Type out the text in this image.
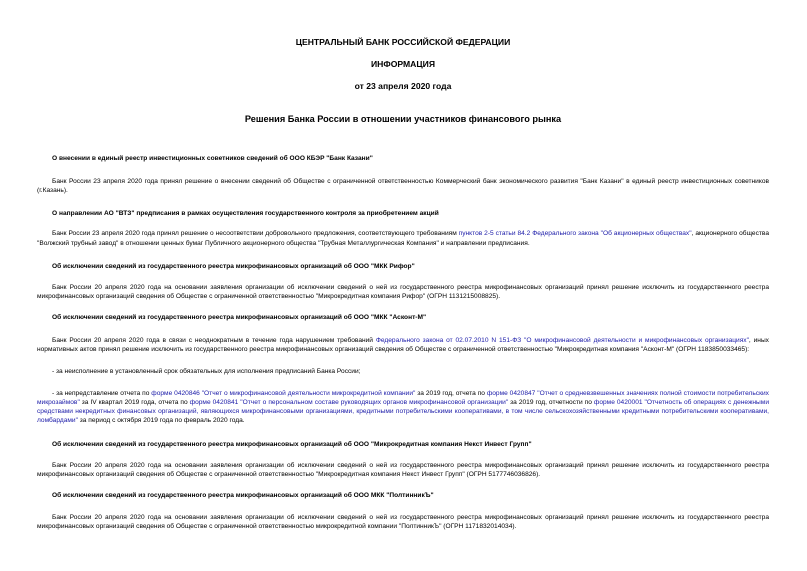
ЦЕНТРАЛЬНЫЙ БАНК РОССИЙСКОЙ ФЕДЕРАЦИИ
ИНФОРМАЦИЯ
от 23 апреля 2020 года
Решения Банка России в отношении участников финансового рынка
О внесении в единый реестр инвестиционных советников сведений об ООО КБЭР "Банк Казани"
Банк России 23 апреля 2020 года принял решение о внесении сведений об Обществе с ограниченной ответственностью Коммерческий банк экономического развития "Банк Казани" в единый реестр инвестиционных советников (г.Казань).
О направлении АО "ВТЗ" предписания в рамках осуществления государственного контроля за приобретением акций
Банк России 23 апреля 2020 года принял решение о несоответствии добровольного предложения, соответствующего требованиям пунктов 2-5 статьи 84.2 Федерального закона "Об акционерных обществах", акционерного общества "Волжский трубный завод" в отношении ценных бумаг Публичного акционерного общества "Трубная Металлургическая Компания" и направлении предписания.
Об исключении сведений из государственного реестра микрофинансовых организаций об ООО "МКК Рифор"
Банк России 20 апреля 2020 года на основании заявления организации об исключении сведений о ней из государственного реестра микрофинансовых организаций принял решение исключить из государственного реестра микрофинансовых организаций сведения об Обществе с ограниченной ответственностью "Микрокредитная компания Рифор" (ОГРН 1131215008825).
Об исключении сведений из государственного реестра микрофинансовых организаций об ООО "МКК "Асконт-М"
Банк России 20 апреля 2020 года в связи с неоднократным в течение года нарушением требований Федерального закона от 02.07.2010 N 151-ФЗ "О микрофинансовой деятельности и микрофинансовых организациях", иных нормативных актов принял решение исключить из государственного реестра микрофинансовых организаций сведения об Обществе с ограниченной ответственностью "Микрокредитная компания "Асконт-М" (ОГРН 1183850033465):
- за неисполнение в установленный срок обязательных для исполнения предписаний Банка России;
- за непредставление отчета по форме 0420846 "Отчет о микрофинансовой деятельности микрокредитной компании" за 2019 год, отчета по форме 0420847 "Отчет о средневзвешенных значениях полной стоимости потребительских микрозаймов" за IV квартал 2019 года, отчета по форме 0420841 "Отчет о персональном составе руководящих органов микрофинансовой организации" за 2019 год, отчетности по форме 0420001 "Отчетность об операциях с денежными средствами некредитных финансовых организаций, являющихся микрофинансовыми организациями, кредитными потребительскими кооперативами, в том числе сельскохозяйственными кредитными потребительскими кооперативами, ломбардами" за период с октября 2019 года по февраль 2020 года.
Об исключении сведений из государственного реестра микрофинансовых организаций об ООО "Микрокредитная компания Некст Инвест Групп"
Банк России 20 апреля 2020 года на основании заявления организации об исключении сведений о ней из государственного реестра микрофинансовых организаций принял решение исключить из государственного реестра микрофинансовых организаций сведения об Обществе с ограниченной ответственностью "Микрокредитная компания Некст Инвест Групп" (ОГРН 5177746036826).
Об исключении сведений из государственного реестра микрофинансовых организаций об ООО МКК "ПолтинникЪ"
Банк России 20 апреля 2020 года на основании заявления организации об исключении сведений о ней из государственного реестра микрофинансовых организаций принял решение исключить из государственного реестра микрофинансовых организаций сведения об Обществе с ограниченной ответственностью микрокредитной компании "ПолтинникЪ" (ОГРН 1171832014034).
